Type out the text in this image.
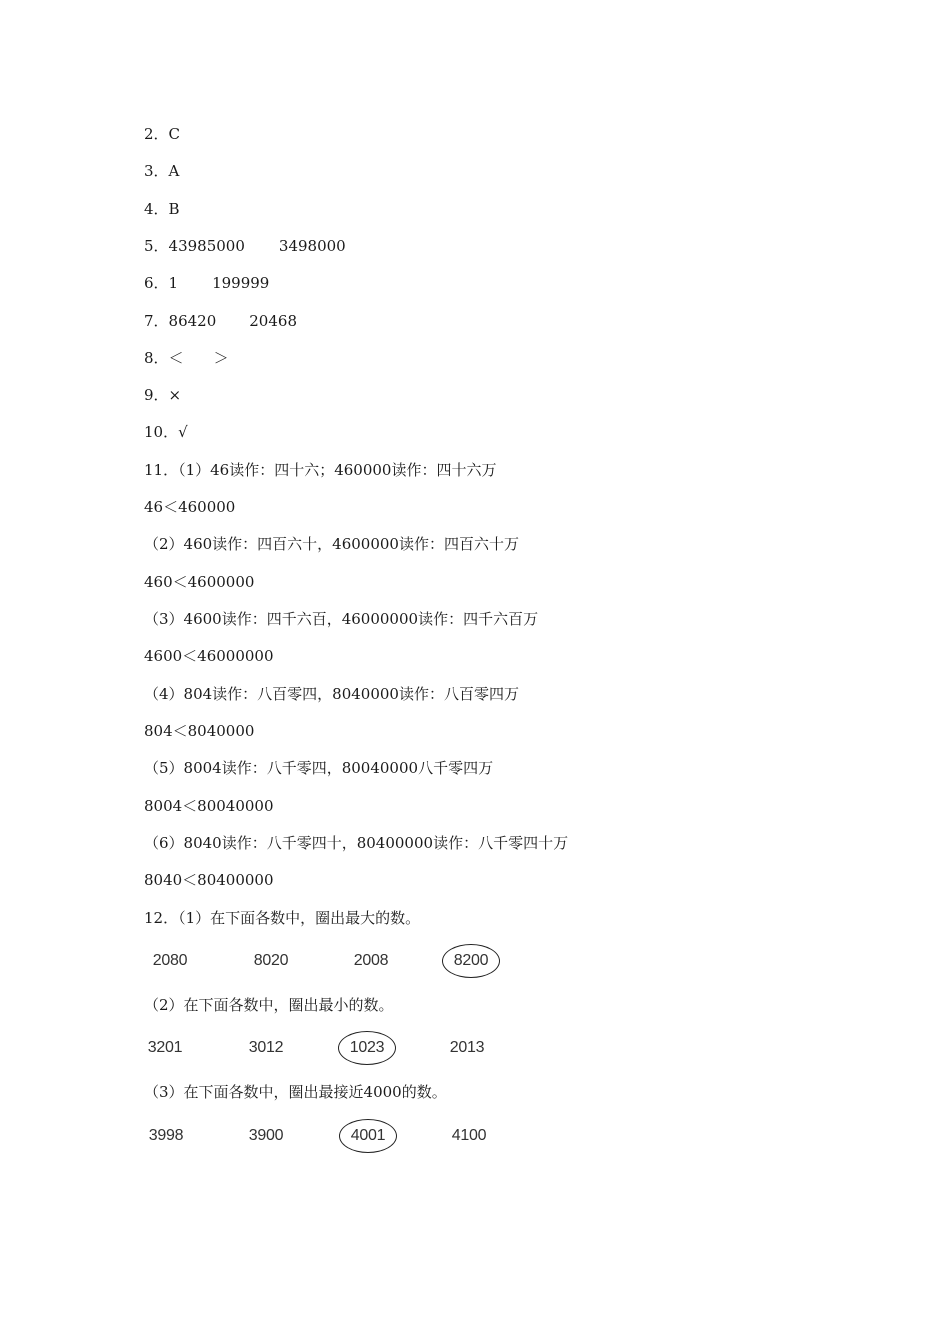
2．C
3．A
4．B
5．43985000 3498000
6．1 199999
7．86420 20468
8．＜ ＞
9．×
10．√
11．（1）46读作：四十六；460000读作：四十六万
46＜460000
（2）460读作：四百六十，4600000读作：四百六十万
460＜4600000
（3）4600读作：四千六百，46000000读作：四千六百万
4600＜46000000
（4）804读作：八百零四，8040000读作：八百零四万
804＜8040000
（5）8004读作：八千零四，80040000八千零四万
8004＜80040000
（6）8040读作：八千零四十，80400000读作：八千零四十万
8040＜80400000
12．（1）在下面各数中，圈出最大的数。
2080	8020	2008	8200
（2）在下面各数中，圈出最小的数。
3201	3012	1023	2013
（3）在下面各数中，圈出最接近4000的数。
3998	3900	4001	4100
